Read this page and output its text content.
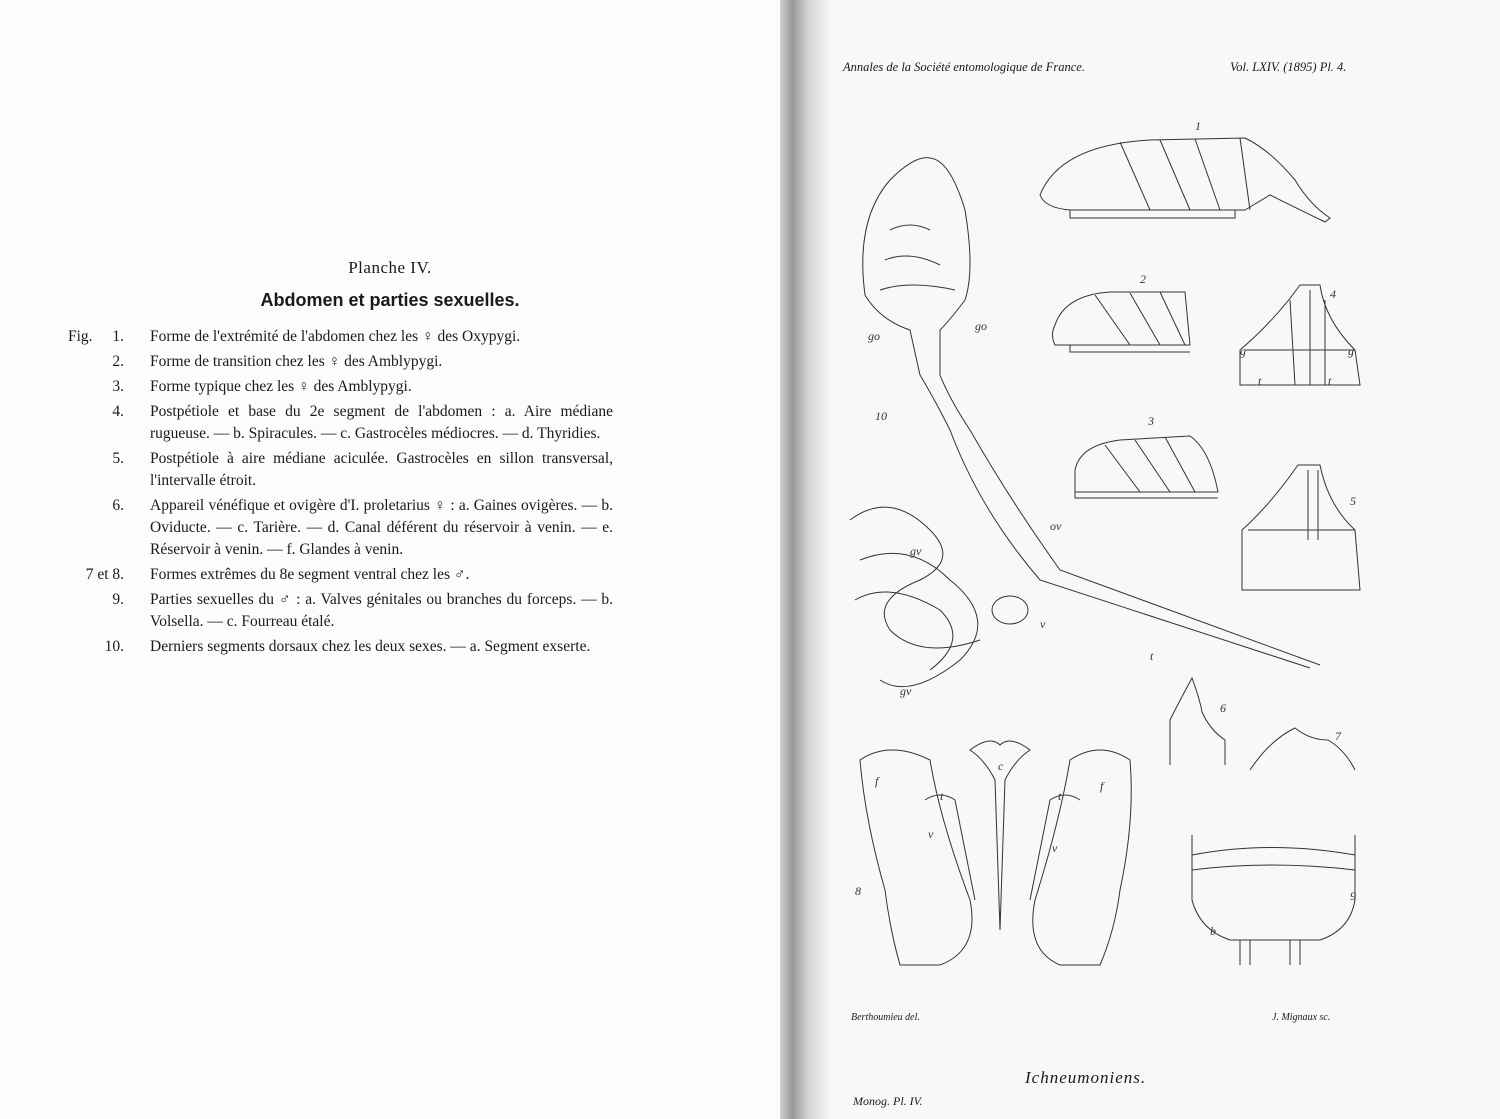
Planche IV.
Abdomen et parties sexuelles.
Fig.	1. Forme de l'extrémité de l'abdomen chez les ♀ des Oxypygi.
2. Forme de transition chez les ♀ des Amblypygi.
3. Forme typique chez les ♀ des Amblypygi.
4. Postpétiole et base du 2e segment de l'abdomen : a. Aire médiane rugueuse. — b. Spiracules. — c. Gastrocèles médiocres. — d. Thyridies.
5. Postpétiole à aire médiane aciculée. Gastrocèles en sillon transversal, l'intervalle étroit.
6. Appareil vénéfique et ovigère d'I. proletarius ♀ : a. Gaines ovigères. — b. Oviducte. — c. Tarière. — d. Canal déférent du réservoir à venin. — e. Réservoir à venin. — f. Glandes à venin.
7 et 8. Formes extrêmes du 8e segment ventral chez les ♂.
9. Parties sexuelles du ♂ : a. Valves génitales ou branches du forceps. — b. Volsella. — c. Fourreau étalé.
10. Derniers segments dorsaux chez les deux sexes. — a. Segment exserte.
Annales de la Société entomologique de France.	Vol. LXIV. (1895) Pl. 4.
1
2
3
4
5
10
go
go
gv
gv
ov
v
t
g	g
t	t
6
7
8
f	f
c
t	t
v
v
9
b
Berthoumieu del.	J. Mignaux sc.
Ichneumoniens.
Monog. Pl. IV.
